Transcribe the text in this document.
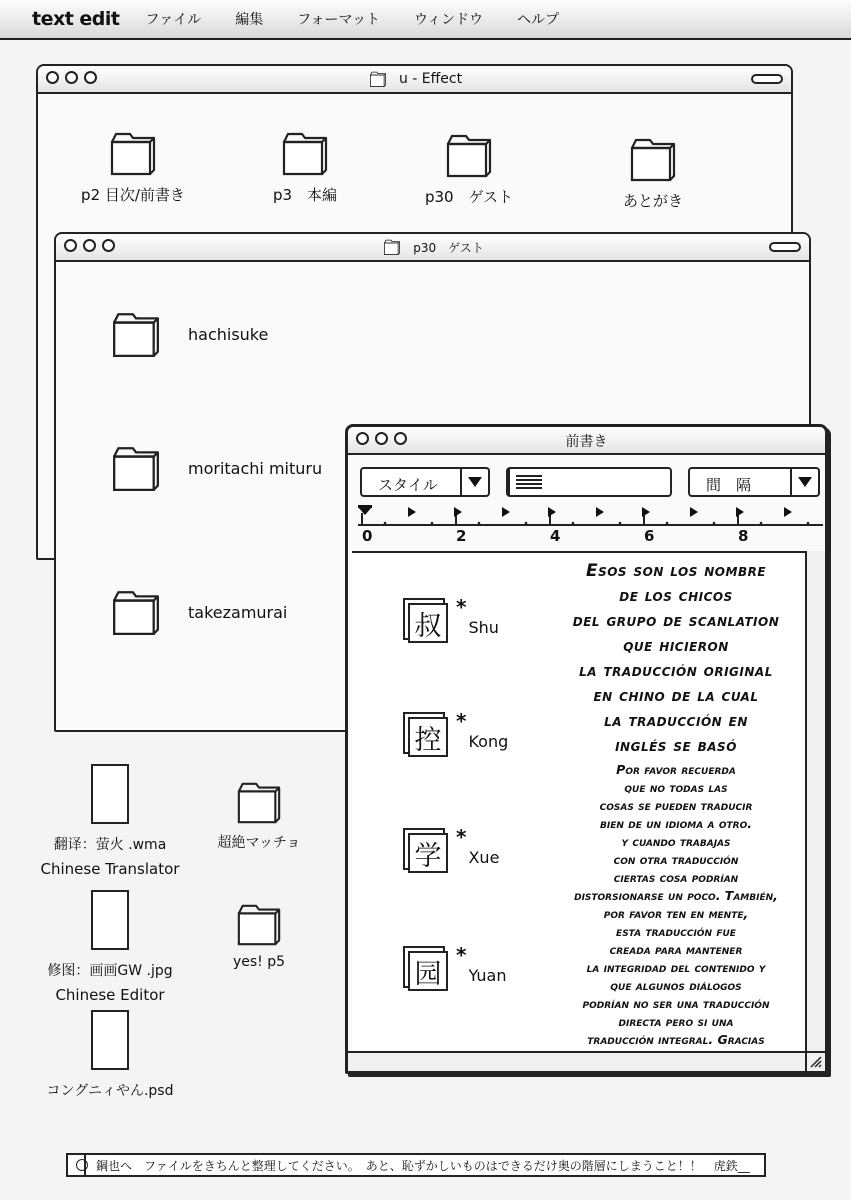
text edit ファイル 編集 フォーマット ウィンドウ ヘルプ
u - Effect
p2 目次/前書き	p3　本編	p30　ゲスト	あとがき
p30　ゲスト
hachisuke
moritachi mituru
takezamurai
前書き
スタイル	間　隔
0	2	4	6	8
叔
*
Shu
控
*
Kong
学
*
Xue
园
*
Yuan
Esos son los nombre
de los chicos
del grupo de scanlation
que hicieron
la traducción original
en chino de la cual
la traducción en
inglés se basó
Por favor recuerda
que no todas las
cosas se pueden traducir
bien de un idioma a otro.
y cuando trabajas
con otra traducción
ciertas cosa podrían
distorsionarse un poco. También,
por favor ten en mente,
esta traducción fue
creada para mantener
la integridad del contenido y
que algunos diálogos
podrían no ser una traducción
directa pero si una
traducción integral. Gracias
翻译：萤火 .wma
Chinese Translator
修图：画画GW .jpg
Chinese Editor
コングニィやん.psd
超絶マッチョ
yes! p5
鋼也へ　ファイルをきちんと整理してください。　あと、恥ずかしいものはできるだけ奥の階層にしまうこと！！　虎鉄__
